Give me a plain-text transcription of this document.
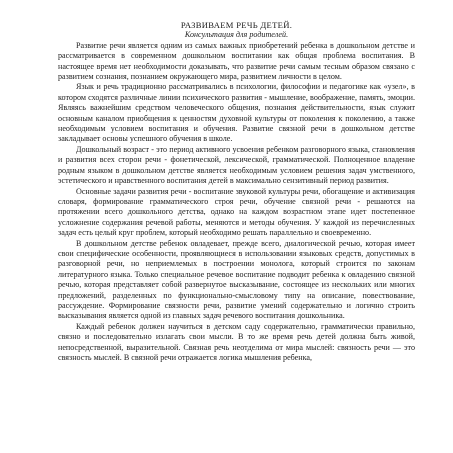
РАЗВИВАЕМ РЕЧЬ ДЕТЕЙ.

Консультация для родителей.

Развитие речи является одним из самых важных приобретений ребенка в дошкольном детстве и рассматривается в современном дошкольном воспитании как общая проблема воспитания. В настоящее время нет необходимости доказывать, что развитие речи самым тесным образом связано с развитием сознания, познанием окружающего мира, развитием личности в целом.

Язык и речь традиционно рассматривались в психологии, философии и педагогике как «узел», в котором сходятся различные линии психического развития - мышление, воображение, память, эмоции. Являясь важнейшим средством человеческого общения, познания действительности, язык служит основным каналом приобщения к ценностям духовной культуры от поколения к поколению, а также необходимым условием воспитания и обучения. Развитие связной речи в дошкольном детстве закладывает основы успешного обучения в школе.

Дошкольный возраст - это период активного усвоения ребенком разговорного языка, становления и развития всех сторон речи - фонетической, лексической, грамматической. Полноценное владение родным языком в дошкольном детстве является необходимым условием решения задач умственного, эстетического и нравственного воспитания детей в максимально сензитивный период развития.

Основные задачи развития речи - воспитание звуковой культуры речи, обогащение и активизация словаря, формирование грамматического строя речи, обучение связной речи - решаются на протяжении всего дошкольного детства, однако на каждом возрастном этапе идет постепенное усложнение содержания речевой работы, меняются и методы обучения. У каждой из перечисленных задач есть целый круг проблем, который необходимо решать параллельно и своевременно.

В дошкольном детстве ребенок овладевает, прежде всего, диалогической речью, которая имеет свои специфические особенности, проявляющиеся в использовании языковых средств, допустимых в разговорной речи, но неприемлемых в построении монолога, который строится по законам литературного языка. Только специальное речевое воспитание подводит ребенка к овладению связной речью, которая представляет собой развернутое высказывание, состоящее из нескольких или многих предложений, разделенных по функционально-смысловому типу на описание, повествование, рассуждение. Формирование связности речи, развитие умений содержательно и логично строить высказывания является одной из главных задач речевого воспитания дошкольника.

Каждый ребенок должен научиться в детском саду содержательно, грамматически правильно, связно и последовательно излагать свои мысли. В то же время речь детей должна быть живой, непосредственной, выразительной. Связная речь неотделима от мира мыслей: связность речи — это связность мыслей. В связной речи отражается логика мышления ребенка,
